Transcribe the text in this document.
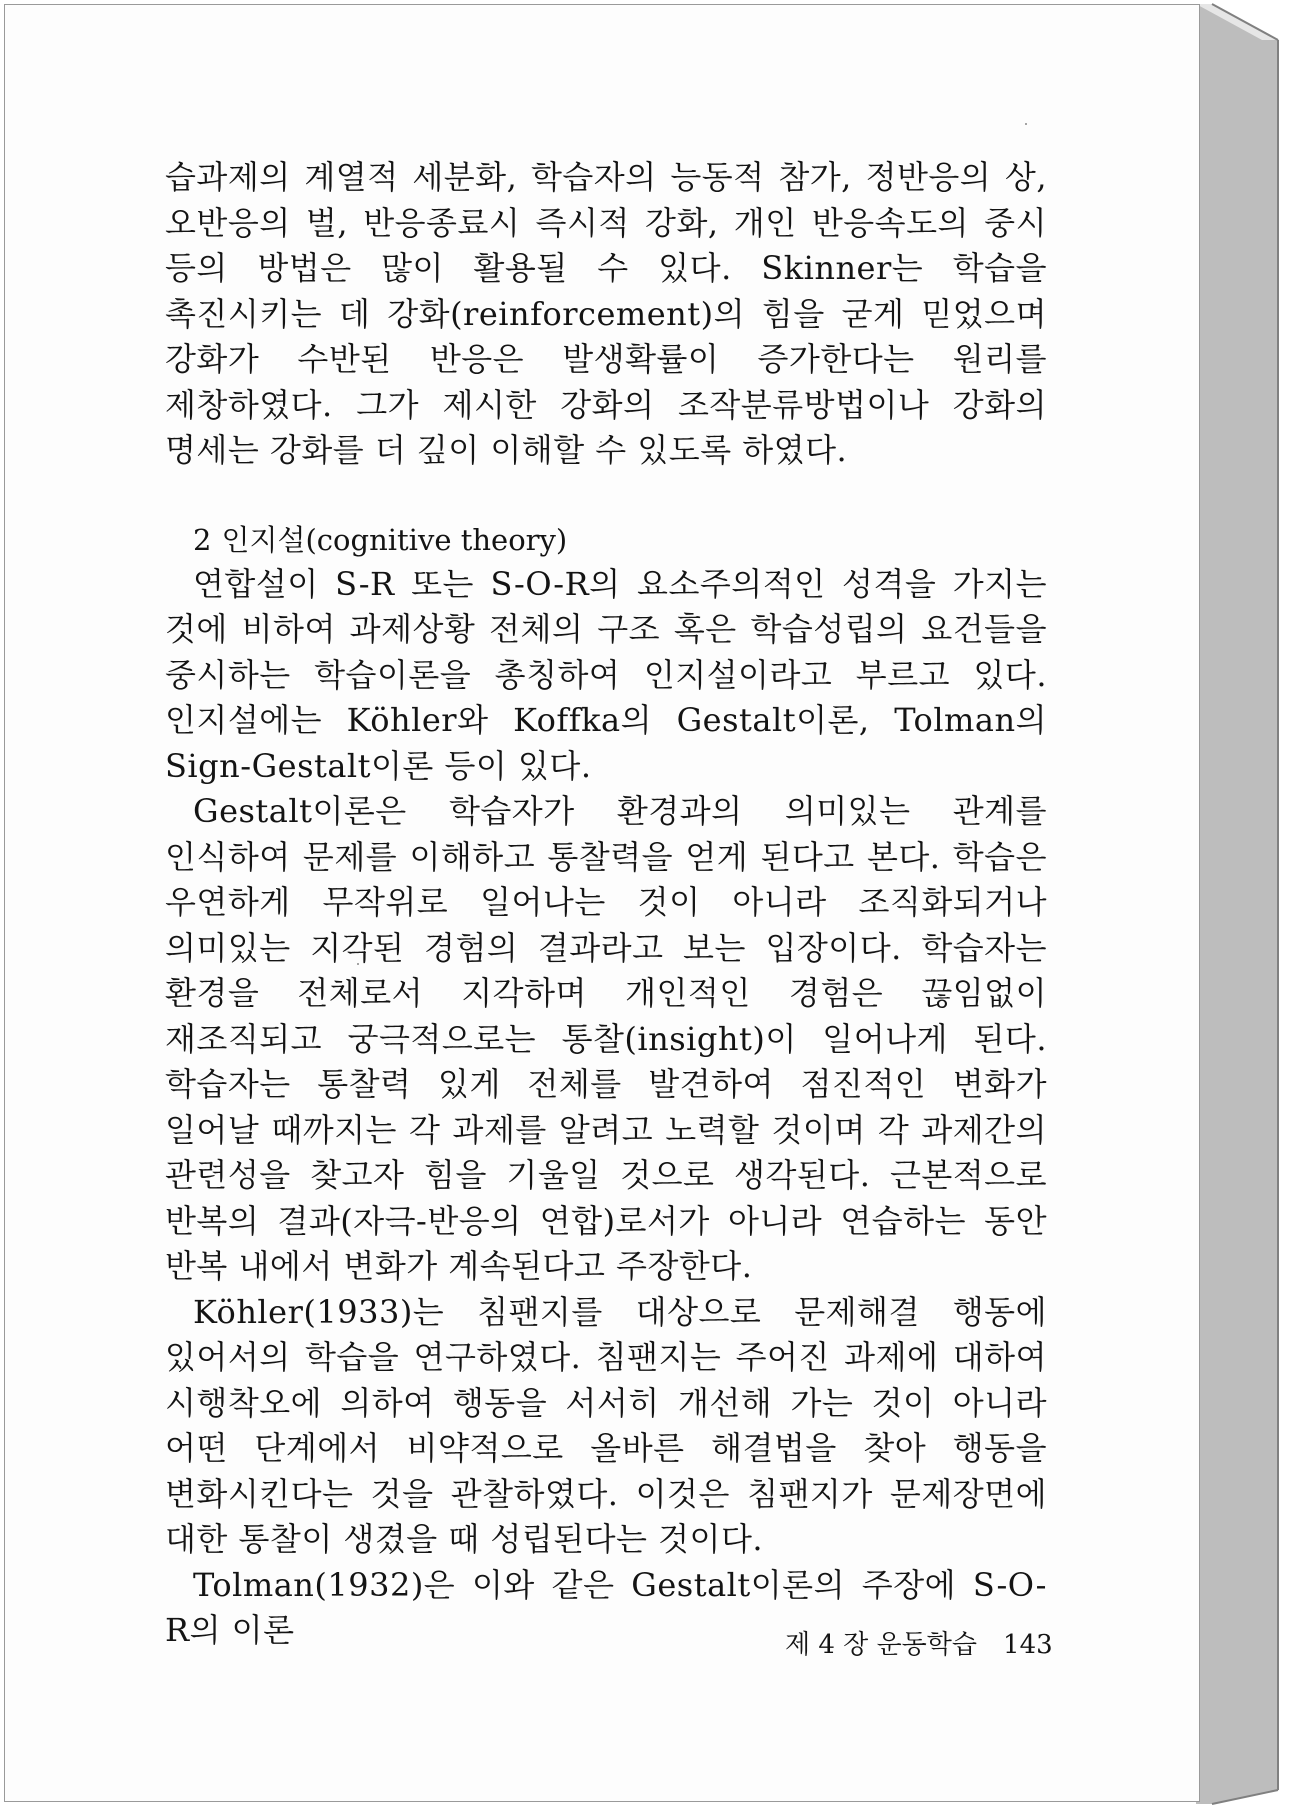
습과제의 계열적 세분화, 학습자의 능동적 참가, 정반응의 상, 오반응의 벌, 반응종료시 즉시적 강화, 개인 반응속도의 중시 등의 방법은 많이 활용될 수 있다. Skinner는 학습을 촉진시키는 데 강화(reinforcement)의 힘을 굳게 믿었으며 강화가 수반된 반응은 발생확률이 증가한다는 원리를 제창하였다. 그가 제시한 강화의 조작분류방법이나 강화의 명세는 강화를 더 깊이 이해할 수 있도록 하였다.

2 인지설(cognitive theory)

연합설이 S-R 또는 S-O-R의 요소주의적인 성격을 가지는 것에 비하여 과제상황 전체의 구조 혹은 학습성립의 요건들을 중시하는 학습이론을 총칭하여 인지설이라고 부르고 있다. 인지설에는 Köhler와 Koffka의 Gestalt이론, Tolman의 Sign-Gestalt이론 등이 있다.

Gestalt이론은 학습자가 환경과의 의미있는 관계를 인식하여 문제를 이해하고 통찰력을 얻게 된다고 본다. 학습은 우연하게 무작위로 일어나는 것이 아니라 조직화되거나 의미있는 지각된 경험의 결과라고 보는 입장이다. 학습자는 환경을 전체로서 지각하며 개인적인 경험은 끊임없이 재조직되고 궁극적으로는 통찰(insight)이 일어나게 된다. 학습자는 통찰력 있게 전체를 발견하여 점진적인 변화가 일어날 때까지는 각 과제를 알려고 노력할 것이며 각 과제간의 관련성을 찾고자 힘을 기울일 것으로 생각된다. 근본적으로 반복의 결과(자극-반응의 연합)로서가 아니라 연습하는 동안 반복 내에서 변화가 계속된다고 주장한다.

Köhler(1933)는 침팬지를 대상으로 문제해결 행동에 있어서의 학습을 연구하였다. 침팬지는 주어진 과제에 대하여 시행착오에 의하여 행동을 서서히 개선해 가는 것이 아니라 어떤 단계에서 비약적으로 올바른 해결법을 찾아 행동을 변화시킨다는 것을 관찰하였다. 이것은 침팬지가 문제장면에 대한 통찰이 생겼을 때 성립된다는 것이다.

Tolman(1932)은 이와 같은 Gestalt이론의 주장에 S-O-R의 이론	제 4 장 운동학습 143
